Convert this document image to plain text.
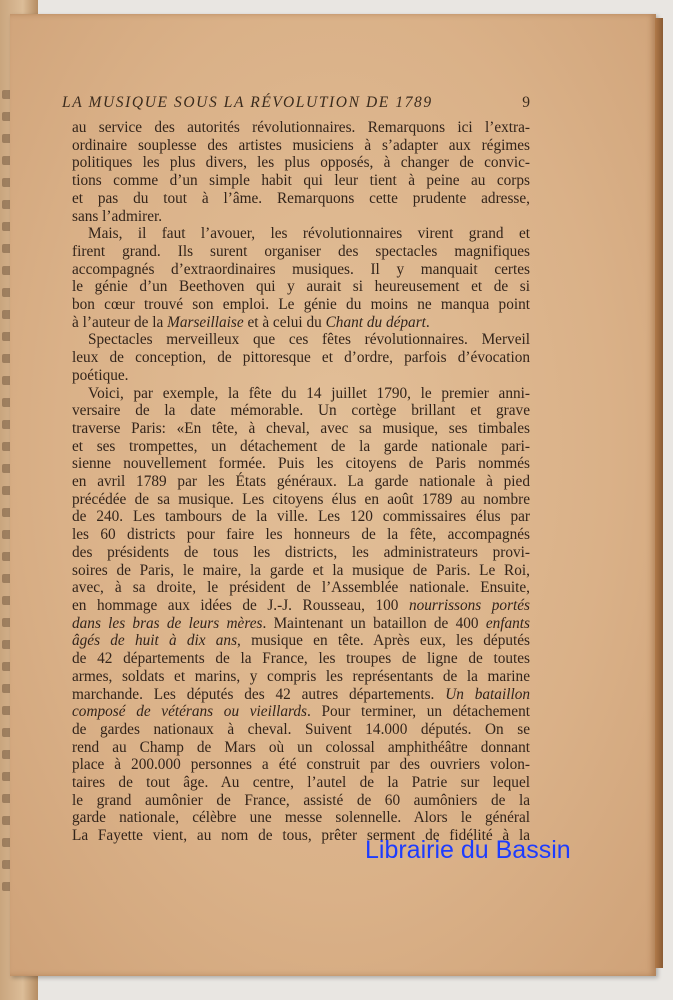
LA MUSIQUE SOUS LA RÉVOLUTION DE 1789	9
au service des autorités révolutionnaires. Remarquons ici l’extra-
ordinaire souplesse des artistes musiciens à s’adapter aux régimes
politiques les plus divers, les plus opposés, à changer de convic-
tions comme d’un simple habit qui leur tient à peine au corps
et pas du tout à l’âme. Remarquons cette prudente adresse,
sans l’admirer.
Mais, il faut l’avouer, les révolutionnaires virent grand et
firent grand. Ils surent organiser des spectacles magnifiques
accompagnés d’extraordinaires musiques. Il y manquait certes
le génie d’un Beethoven qui y aurait si heureusement et de si
bon cœur trouvé son emploi. Le génie du moins ne manqua point
à l’auteur de la Marseillaise et à celui du Chant du départ.
Spectacles merveilleux que ces fêtes révolutionnaires. Merveil
leux de conception, de pittoresque et d’ordre, parfois d’évocation
poétique.
Voici, par exemple, la fête du 14 juillet 1790, le premier anni-
versaire de la date mémorable. Un cortège brillant et grave
traverse Paris: «En tête, à cheval, avec sa musique, ses timbales
et ses trompettes, un détachement de la garde nationale pari-
sienne nouvellement formée. Puis les citoyens de Paris nommés
en avril 1789 par les États généraux. La garde nationale à pied
précédée de sa musique. Les citoyens élus en août 1789 au nombre
de 240. Les tambours de la ville. Les 120 commissaires élus par
les 60 districts pour faire les honneurs de la fête, accompagnés
des présidents de tous les districts, les administrateurs provi-
soires de Paris, le maire, la garde et la musique de Paris. Le Roi,
avec, à sa droite, le président de l’Assemblée nationale. Ensuite,
en hommage aux idées de J.-J. Rousseau, 100 nourrissons portés
dans les bras de leurs mères. Maintenant un bataillon de 400 enfants
âgés de huit à dix ans, musique en tête. Après eux, les députés
de 42 départements de la France, les troupes de ligne de toutes
armes, soldats et marins, y compris les représentants de la marine
marchande. Les députés des 42 autres départements. Un bataillon
composé de vétérans ou vieillards. Pour terminer, un détachement
de gardes nationaux à cheval. Suivent 14.000 députés. On se
rend au Champ de Mars où un colossal amphithéâtre donnant
place à 200.000 personnes a été construit par des ouvriers volon-
taires de tout âge. Au centre, l’autel de la Patrie sur lequel
le grand aumônier de France, assisté de 60 aumôniers de la
garde nationale, célèbre une messe solennelle. Alors le général
La Fayette vient, au nom de tous, prêter serment de fidélité à la
Librairie du Bassin
